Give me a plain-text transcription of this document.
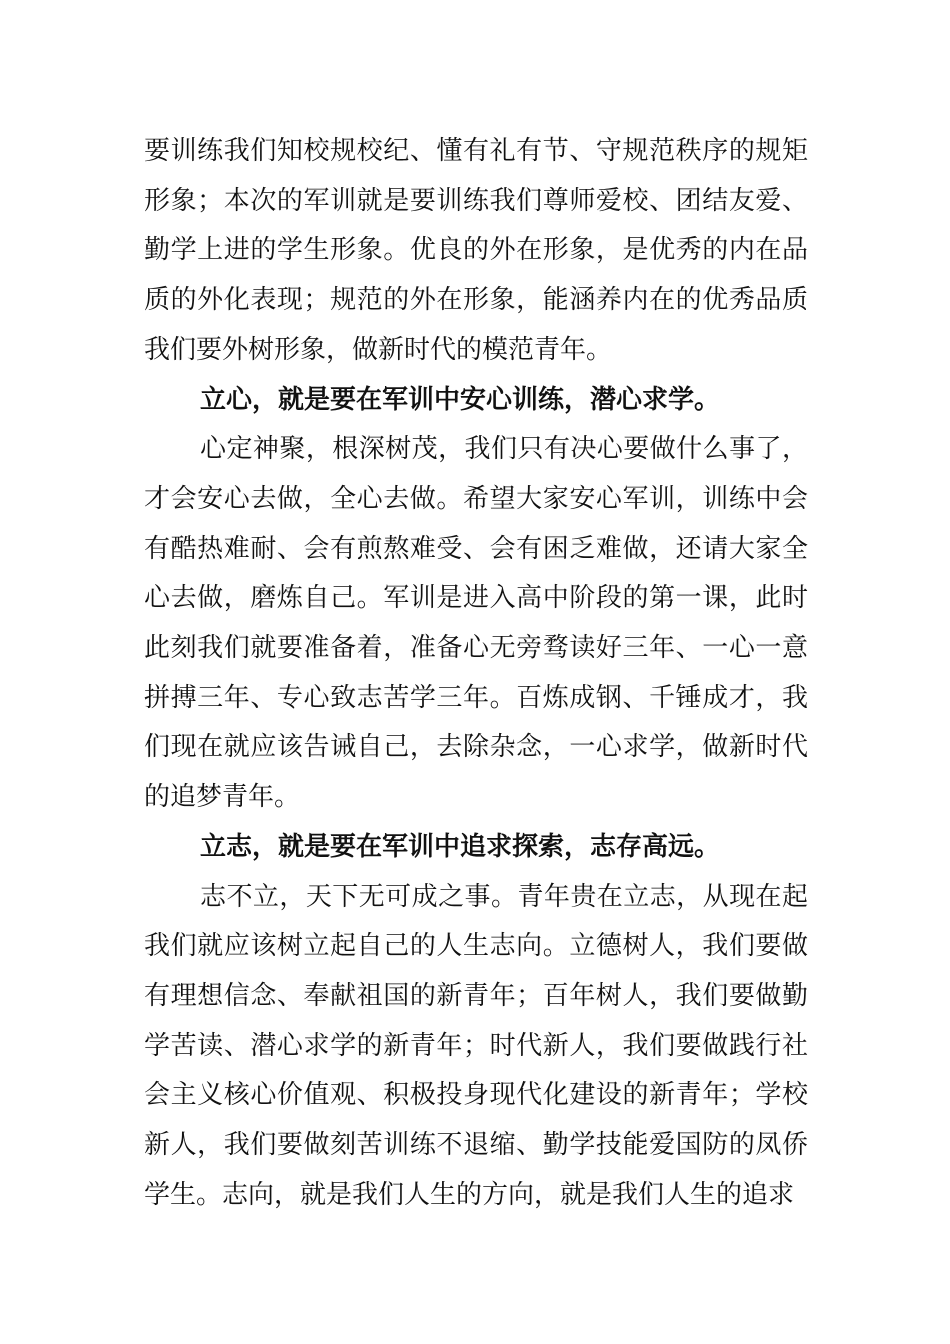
要训练我们知校规校纪、懂有礼有节、守规范秩序的规矩形象；本次的军训就是要训练我们尊师爱校、团结友爱、勤学上进的学生形象。优良的外在形象，是优秀的内在品质的外化表现；规范的外在形象，能涵养内在的优秀品质我们要外树形象，做新时代的模范青年。

立心，就是要在军训中安心训练，潜心求学。

心定神聚，根深树茂，我们只有决心要做什么事了，才会安心去做，全心去做。希望大家安心军训，训练中会有酷热难耐、会有煎熬难受、会有困乏难做，还请大家全心去做，磨炼自己。军训是进入高中阶段的第一课，此时此刻我们就要准备着，准备心无旁骛读好三年、一心一意拼搏三年、专心致志苦学三年。百炼成钢、千锤成才，我们现在就应该告诫自己，去除杂念，一心求学，做新时代的追梦青年。

立志，就是要在军训中追求探索，志存高远。

志不立，天下无可成之事。青年贵在立志，从现在起我们就应该树立起自己的人生志向。立德树人，我们要做有理想信念、奉献祖国的新青年；百年树人，我们要做勤学苦读、潜心求学的新青年；时代新人，我们要做践行社会主义核心价值观、积极投身现代化建设的新青年；学校新人，我们要做刻苦训练不退缩、勤学技能爱国防的凤侨学生。志向，就是我们人生的方向，就是我们人生的追求
